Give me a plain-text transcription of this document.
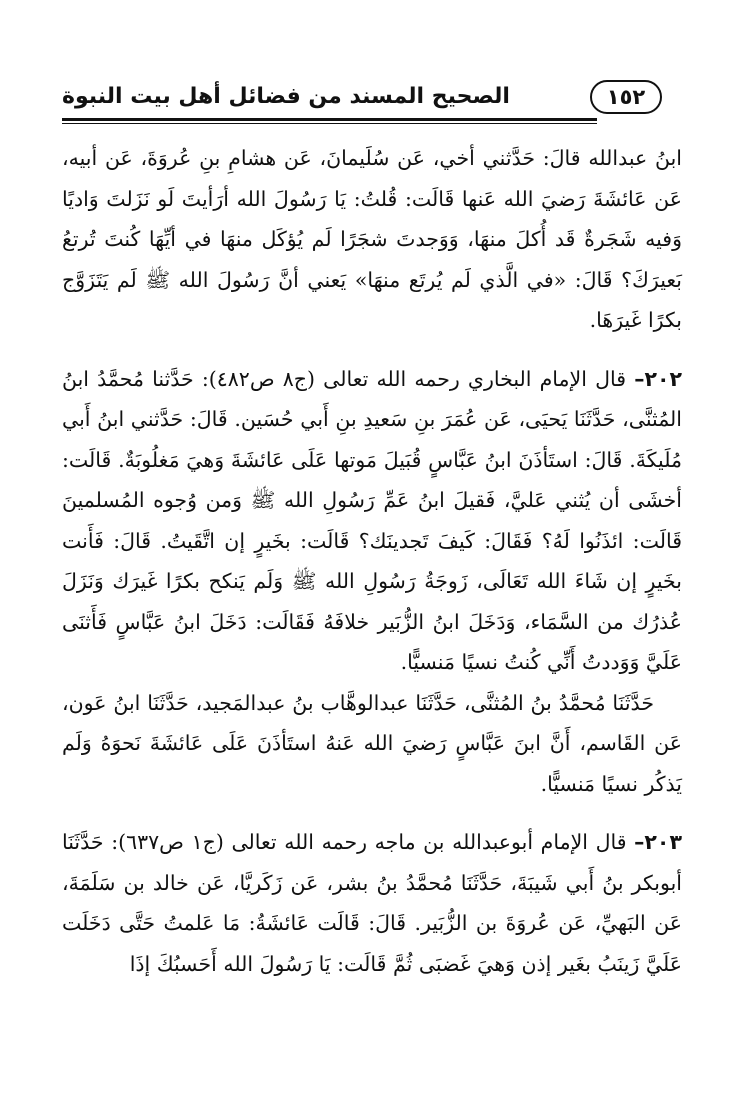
١٥٢
الصحيح المسند من فضائل أهل بيت النبوة

ابنُ عبدالله قالَ: حَدَّثني أخي، عَن سُلَيمانَ، عَن هشامِ بنِ عُروَةَ، عَن أبيه، عَن عَائشَةَ رَضيَ الله عَنها قَالَت: قُلتُ: يَا رَسُولَ الله أرَأيتَ لَو نَزَلتَ وَاديًا وَفيه شَجَرةٌ قَد أُكلَ منهَا، وَوَجدتَ شجَرًا لَم يُؤكَل منهَا في أيِّهَا كُنتَ تُرتعُ بَعيرَكَ؟ قَالَ: «في الَّذي لَم يُرتَع منهَا» يَعني أنَّ رَسُولَ الله ﷺ لَم يَتَزَوَّج بكرًا غَيرَهَا.

٢٠٢– قال الإمام البخاري رحمه الله تعالى (ج٨ ص٤٨٢): حَدَّثنا مُحمَّدُ ابنُ المُثنَّى، حَدَّثَنَا يَحيَى، عَن عُمَرَ بنِ سَعيدِ بنِ أَبي حُسَين. قَالَ: حَدَّثني ابنُ أَبي مُلَيكَةَ. قَالَ: استَأذَنَ ابنُ عَبَّاسٍ قُبَيلَ مَوتها عَلَى عَائشَةَ وَهيَ مَغلُوبَةٌ. قَالَت: أخشَى أن يُثني عَليَّ، فَقيلَ ابنُ عَمِّ رَسُولِ الله ﷺ وَمن وُجوه المُسلمينَ قَالَت: ائذَنُوا لَهُ؟ فَقَالَ: كَيفَ تَجدينَك؟ قَالَت: بخَيرٍ إن اتَّقَيتُ. قَالَ: فَأَنت بخَيرٍ إن شَاءَ الله تَعَالَى، زَوجَةُ رَسُولِ الله ﷺ وَلَم يَنكح بكرًا غَيرَك وَنَزَلَ عُذرُك من السَّمَاء، وَدَخَلَ ابنُ الزُّبَير خلافَهُ فَقَالَت: دَخَلَ ابنُ عَبَّاسٍ فَأَثنَى عَلَيَّ وَوَددتُ أَنِّي كُنتُ نسيًا مَنسيًّا.

حَدَّثَنَا مُحمَّدُ بنُ المُثنَّى، حَدَّثَنَا عبدالوهَّاب بنُ عبدالمَجيد، حَدَّثَنَا ابنُ عَون، عَن القَاسم، أَنَّ ابنَ عَبَّاسٍ رَضيَ الله عَنهُ استَأذَنَ عَلَى عَائشَةَ نَحوَهُ وَلَم يَذكُر نسيًا مَنسيًّا.

٢٠٣– قال الإمام أبوعبدالله بن ماجه رحمه الله تعالى (ج١ ص٦٣٧): حَدَّثَنَا أبوبكر بنُ أَبي شَيبَةَ، حَدَّثَنَا مُحمَّدُ بنُ بشر، عَن زَكَريَّا، عَن خالد بن سَلَمَةَ، عَن البَهيِّ، عَن عُروَةَ بن الزُّبَير. قَالَ: قَالَت عَائشَةُ: مَا عَلمتُ حَتَّى دَخَلَت عَلَيَّ زَينَبُ بغَير إذن وَهيَ غَضبَى ثُمَّ قَالَت: يَا رَسُولَ الله أَحَسبُكَ إذَا
